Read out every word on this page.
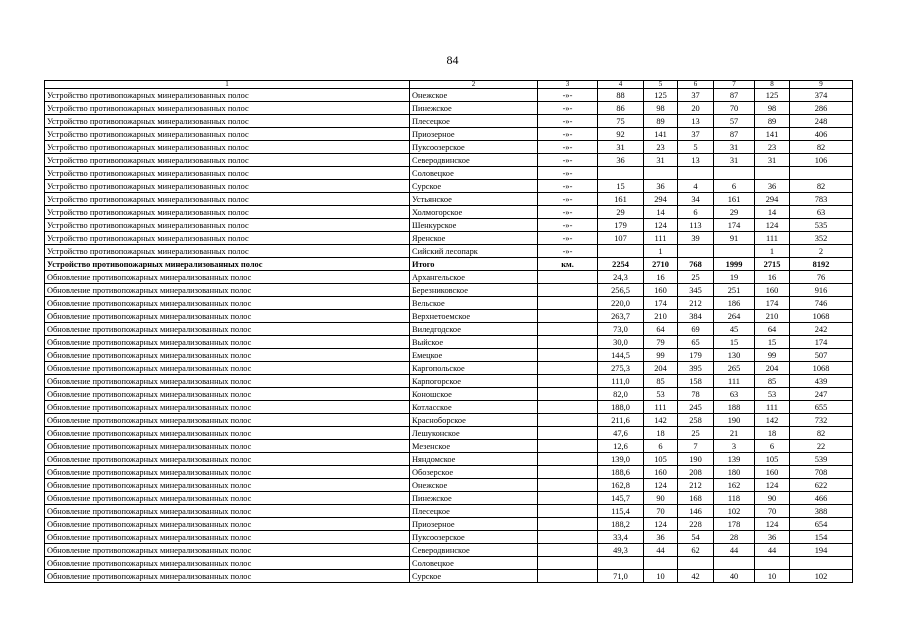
84
1	2	3	4	5	6	7	8	9
Устройство противопожарных минерализованных полос	Онежское	-»-	88	125	37	87	125	374
Устройство противопожарных минерализованных полос	Пинежское	-»-	86	98	20	70	98	286
Устройство противопожарных минерализованных полос	Плесецкое	-»-	75	89	13	57	89	248
Устройство противопожарных минерализованных полос	Приозерное	-»-	92	141	37	87	141	406
Устройство противопожарных минерализованных полос	Пуксоозерское	-»-	31	23	5	31	23	82
Устройство противопожарных минерализованных полос	Северодвинское	-»-	36	31	13	31	31	106
Устройство противопожарных минерализованных полос	Соловецкое	-»-						
Устройство противопожарных минерализованных полос	Сурское	-»-	15	36	4	6	36	82
Устройство противопожарных минерализованных полос	Устьянское	-»-	161	294	34	161	294	783
Устройство противопожарных минерализованных полос	Холмогорское	-»-	29	14	6	29	14	63
Устройство противопожарных минерализованных полос	Шенкурское	-»-	179	124	113	174	124	535
Устройство противопожарных минерализованных полос	Яренское	-»-	107	111	39	91	111	352
Устройство противопожарных минерализованных полос	Сийский лесопарк	-»-		1			1	2
Устройство противопожарных минерализованных полос	Итого	км.	2254	2710	768	1999	2715	8192
Обновление противопожарных минерализованных полос	Архангельское		24,3	16	25	19	16	76
Обновление противопожарных минерализованных полос	Березниковское		256,5	160	345	251	160	916
Обновление противопожарных минерализованных полос	Вельское		220,0	174	212	186	174	746
Обновление противопожарных минерализованных полос	Верхнетоемское		263,7	210	384	264	210	1068
Обновление противопожарных минерализованных полос	Виледгодское		73,0	64	69	45	64	242
Обновление противопожарных минерализованных полос	Выйское		30,0	79	65	15	15	174
Обновление противопожарных минерализованных полос	Емецкое		144,5	99	179	130	99	507
Обновление противопожарных минерализованных полос	Каргопольское		275,3	204	395	265	204	1068
Обновление противопожарных минерализованных полос	Карпогорское		111,0	85	158	111	85	439
Обновление противопожарных минерализованных полос	Коношское		82,0	53	78	63	53	247
Обновление противопожарных минерализованных полос	Котласское		188,0	111	245	188	111	655
Обновление противопожарных минерализованных полос	Красноборское		211,6	142	258	190	142	732
Обновление противопожарных минерализованных полос	Лешуконское		47,6	18	25	21	18	82
Обновление противопожарных минерализованных полос	Мезенское		12,6	6	7	3	6	22
Обновление противопожарных минерализованных полос	Няндомское		139,0	105	190	139	105	539
Обновление противопожарных минерализованных полос	Обозерское		188,6	160	208	180	160	708
Обновление противопожарных минерализованных полос	Онежское		162,8	124	212	162	124	622
Обновление противопожарных минерализованных полос	Пинежское		145,7	90	168	118	90	466
Обновление противопожарных минерализованных полос	Плесецкое		115,4	70	146	102	70	388
Обновление противопожарных минерализованных полос	Приозерное		188,2	124	228	178	124	654
Обновление противопожарных минерализованных полос	Пуксоозерское		33,4	36	54	28	36	154
Обновление противопожарных минерализованных полос	Северодвинское		49,3	44	62	44	44	194
Обновление противопожарных минерализованных полос	Соловецкое							
Обновление противопожарных минерализованных полос	Сурское		71,0	10	42	40	10	102
